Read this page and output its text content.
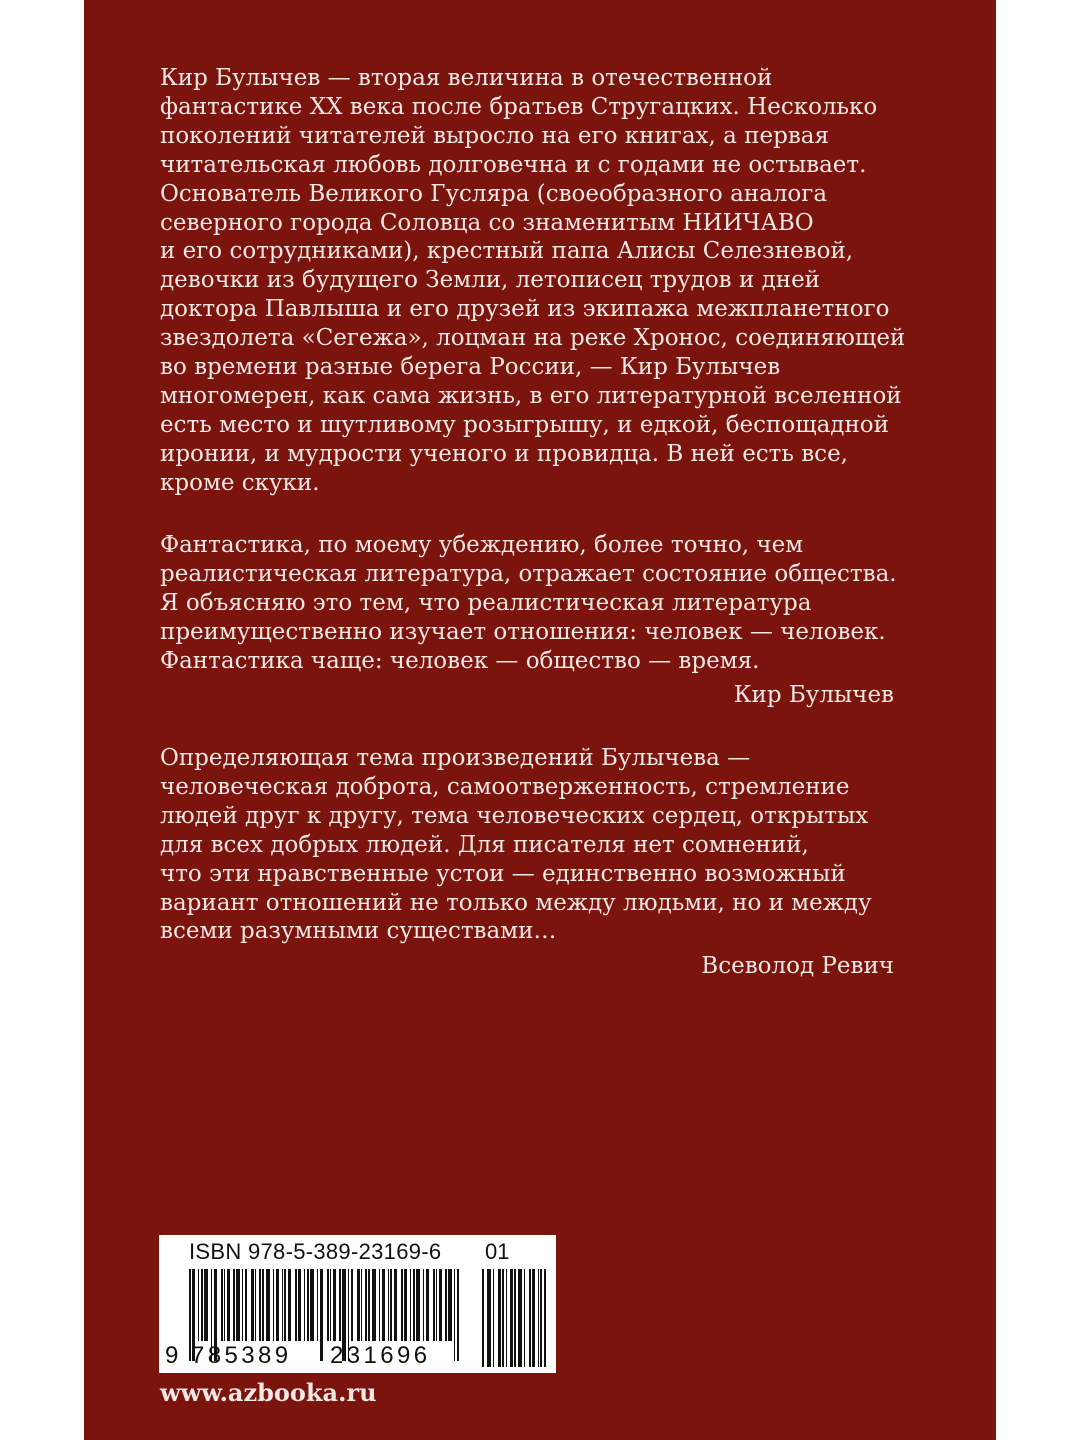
Кир Булычев — вторая величина в отечественной
фантастике XX века после братьев Стругацких. Несколько
поколений читателей выросло на его книгах, а первая
читательская любовь долговечна и с годами не остывает.
Основатель Великого Гусляра (своеобразного аналога
северного города Соловца со знаменитым НИИЧАВО
и его сотрудниками), крестный папа Алисы Селезневой,
девочки из будущего Земли, летописец трудов и дней
доктора Павлыша и его друзей из экипажа межпланетного
звездолета «Сегежа», лоцман на реке Хронос, соединяющей
во времени разные берега России, — Кир Булычев
многомерен, как сама жизнь, в его литературной вселенной
есть место и шутливому розыгрышу, и едкой, беспощадной
иронии, и мудрости ученого и провидца. В ней есть все,
кроме скуки.
Фантастика, по моему убеждению, более точно, чем
реалистическая литература, отражает состояние общества.
Я объясняю это тем, что реалистическая литература
преимущественно изучает отношения: человек — человек.
Фантастика чаще: человек — общество — время.
Кир Булычев
Определяющая тема произведений Булычева —
человеческая доброта, самоотверженность, стремление
людей друг к другу, тема человеческих сердец, открытых
для всех добрых людей. Для писателя нет сомнений,
что эти нравственные устои — единственно возможный
вариант отношений не только между людьми, но и между
всеми разумными существами…
Всеволод Ревич
ISBN 978-5-389-23169-6 01
9 785389 231696
www.azbooka.ru
